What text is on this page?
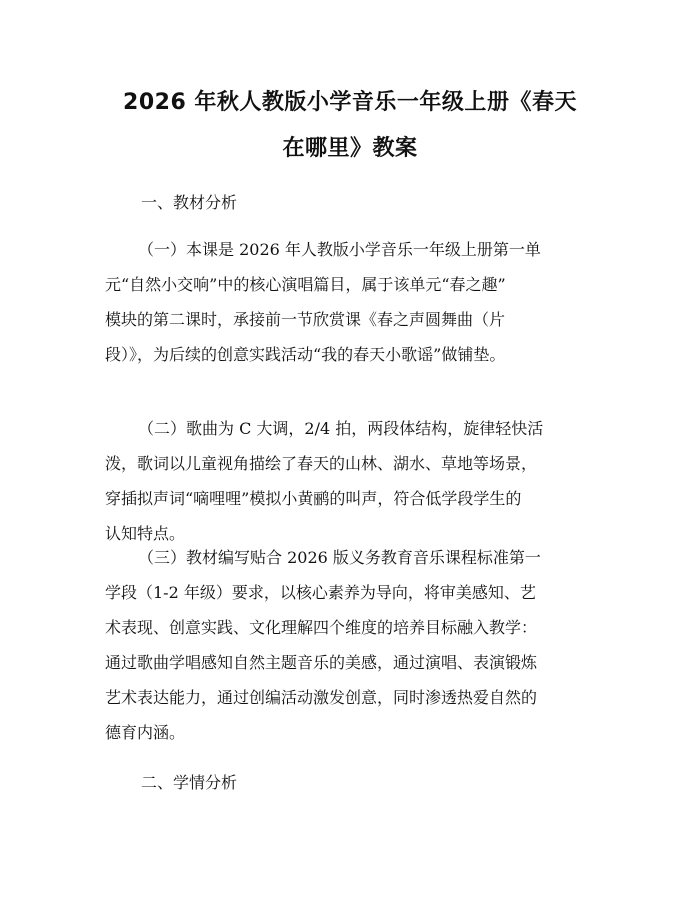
2026 年秋人教版小学音乐一年级上册《春天
在哪里》教案
一、教材分析

（一）本课是 2026 年人教版小学音乐一年级上册第一单
元“自然小交响”中的核心演唱篇目，属于该单元“春之趣”
模块的第二课时，承接前一节欣赏课《春之声圆舞曲（片
段）》，为后续的创意实践活动“我的春天小歌谣”做铺垫。

（二）歌曲为 C 大调，2/4 拍，两段体结构，旋律轻快活
泼，歌词以儿童视角描绘了春天的山林、湖水、草地等场景，
穿插拟声词“嘀哩哩”模拟小黄鹂的叫声，符合低学段学生的
认知特点。

（三）教材编写贴合 2026 版义务教育音乐课程标准第一
学段（1-2 年级）要求，以核心素养为导向，将审美感知、艺
术表现、创意实践、文化理解四个维度的培养目标融入教学：
通过歌曲学唱感知自然主题音乐的美感，通过演唱、表演锻炼
艺术表达能力，通过创编活动激发创意，同时渗透热爱自然的
德育内涵。

二、学情分析
